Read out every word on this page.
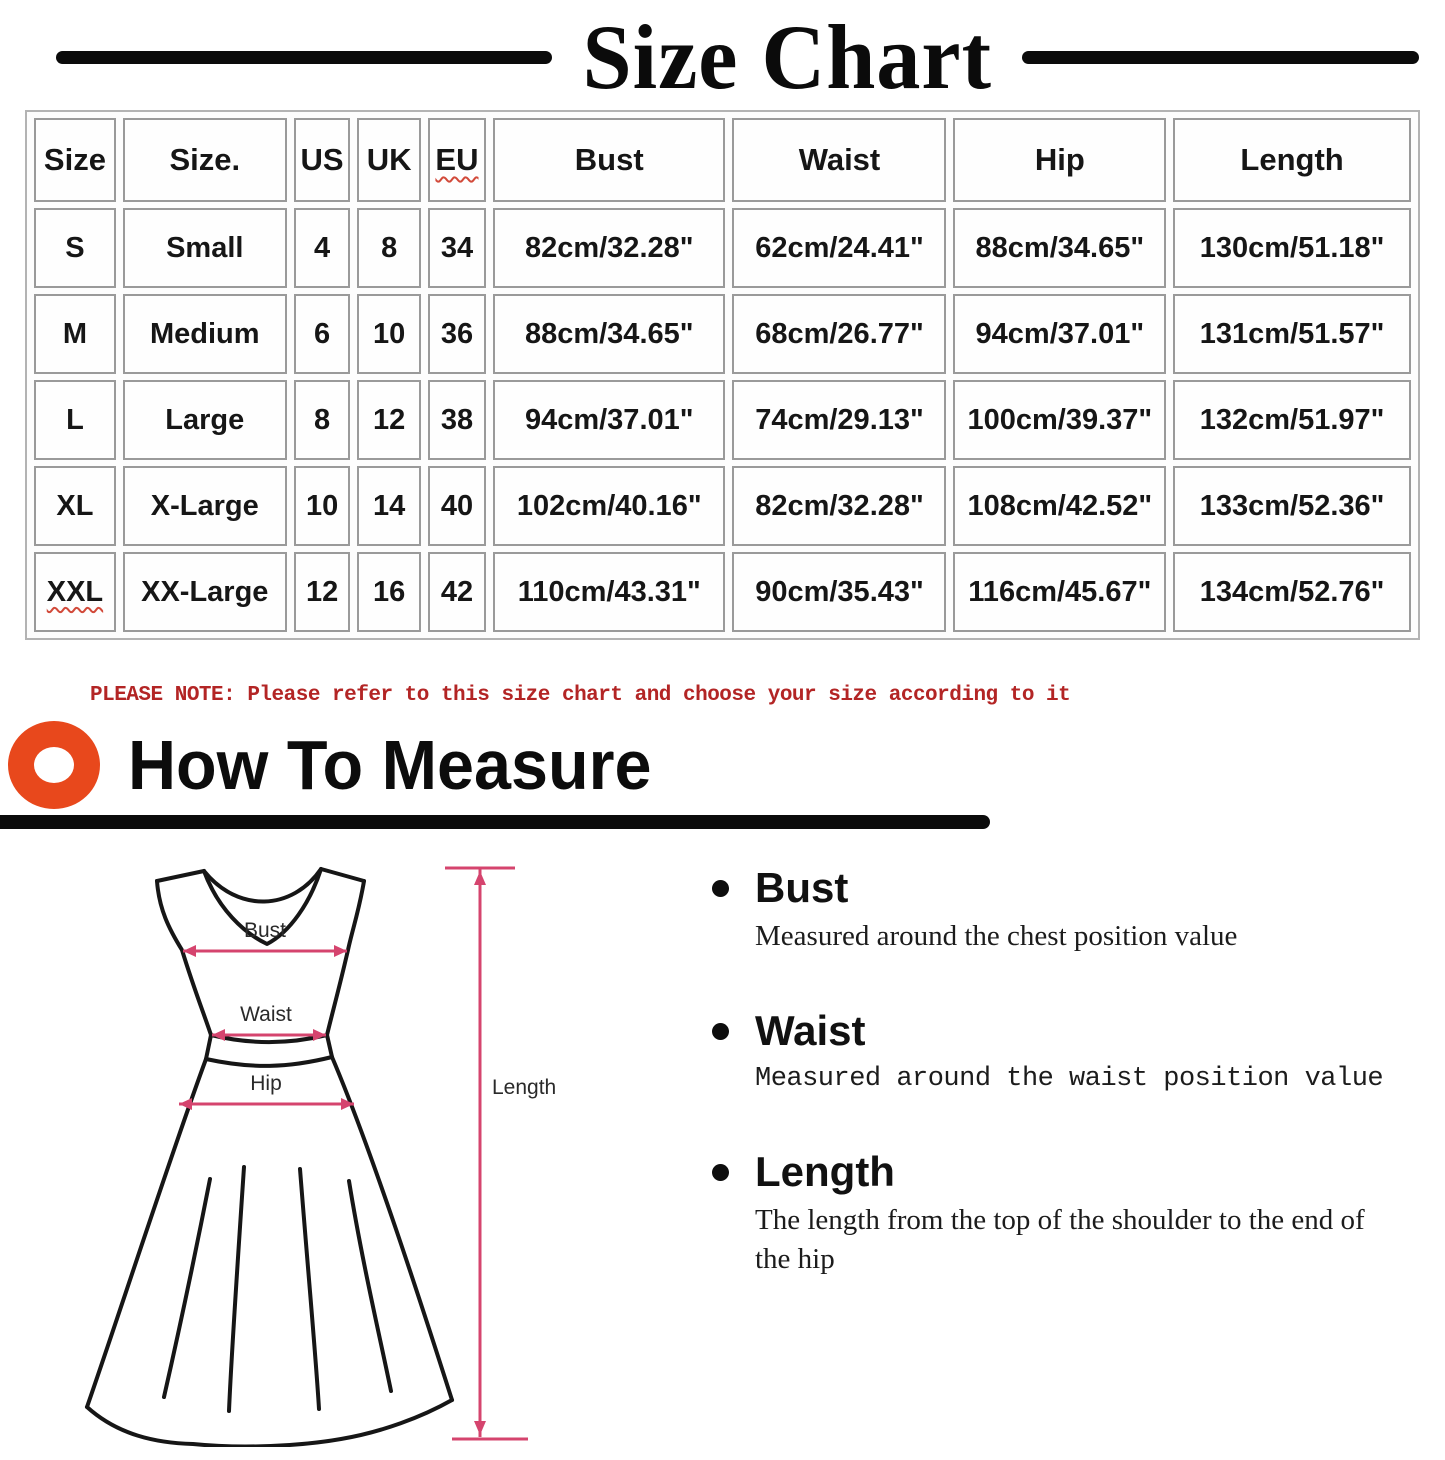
Size Chart
Size	Size.	US	UK	EU	Bust	Waist	Hip	Length
S	Small	4	8	34	82cm/32.28"	62cm/24.41"	88cm/34.65"	130cm/51.18"
M	Medium	6	10	36	88cm/34.65"	68cm/26.77"	94cm/37.01"	131cm/51.57"
L	Large	8	12	38	94cm/37.01"	74cm/29.13"	100cm/39.37"	132cm/51.97"
XL	X-Large	10	14	40	102cm/40.16"	82cm/32.28"	108cm/42.52"	133cm/52.36"
XXL	XX-Large	12	16	42	110cm/43.31"	90cm/35.43"	116cm/45.67"	134cm/52.76"

PLEASE NOTE: Please refer to this size chart and choose your size according to it

How To Measure
Bust
Waist
Hip	Length
Bust
Measured around the chest position value
Waist
Measured around the waist position value
Length
The length from the top of the shoulder to the end of the hip
